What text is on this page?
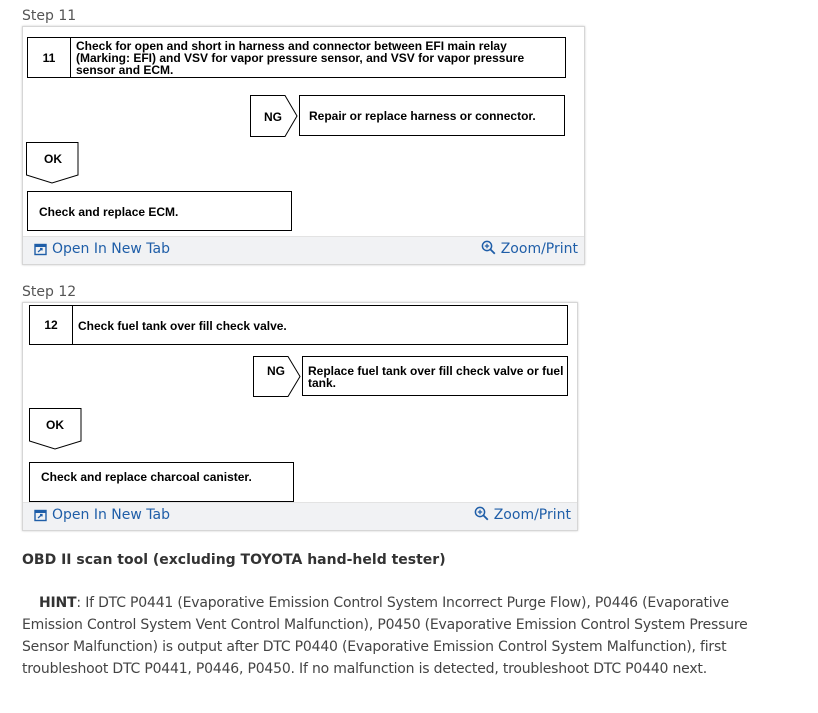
Step 11
11
Check for open and short in harness and connector between EFI main relay (Marking: EFI) and VSV for vapor pressure sensor, and VSV for vapor pressure sensor and ECM.
NG Repair or replace harness or connector.
OK
Check and replace ECM.
Open In New Tab	Zoom/Print
Step 12
12	Check fuel tank over fill check valve.
NG Replace fuel tank over fill check valve or fuel tank.
OK
Check and replace charcoal canister.
Open In New Tab	Zoom/Print
OBD II scan tool (excluding TOYOTA hand-held tester)
HINT: If DTC P0441 (Evaporative Emission Control System Incorrect Purge Flow), P0446 (Evaporative Emission Control System Vent Control Malfunction), P0450 (Evaporative Emission Control System Pressure Sensor Malfunction) is output after DTC P0440 (Evaporative Emission Control System Malfunction), first troubleshoot DTC P0441, P0446, P0450. If no malfunction is detected, troubleshoot DTC P0440 next.
